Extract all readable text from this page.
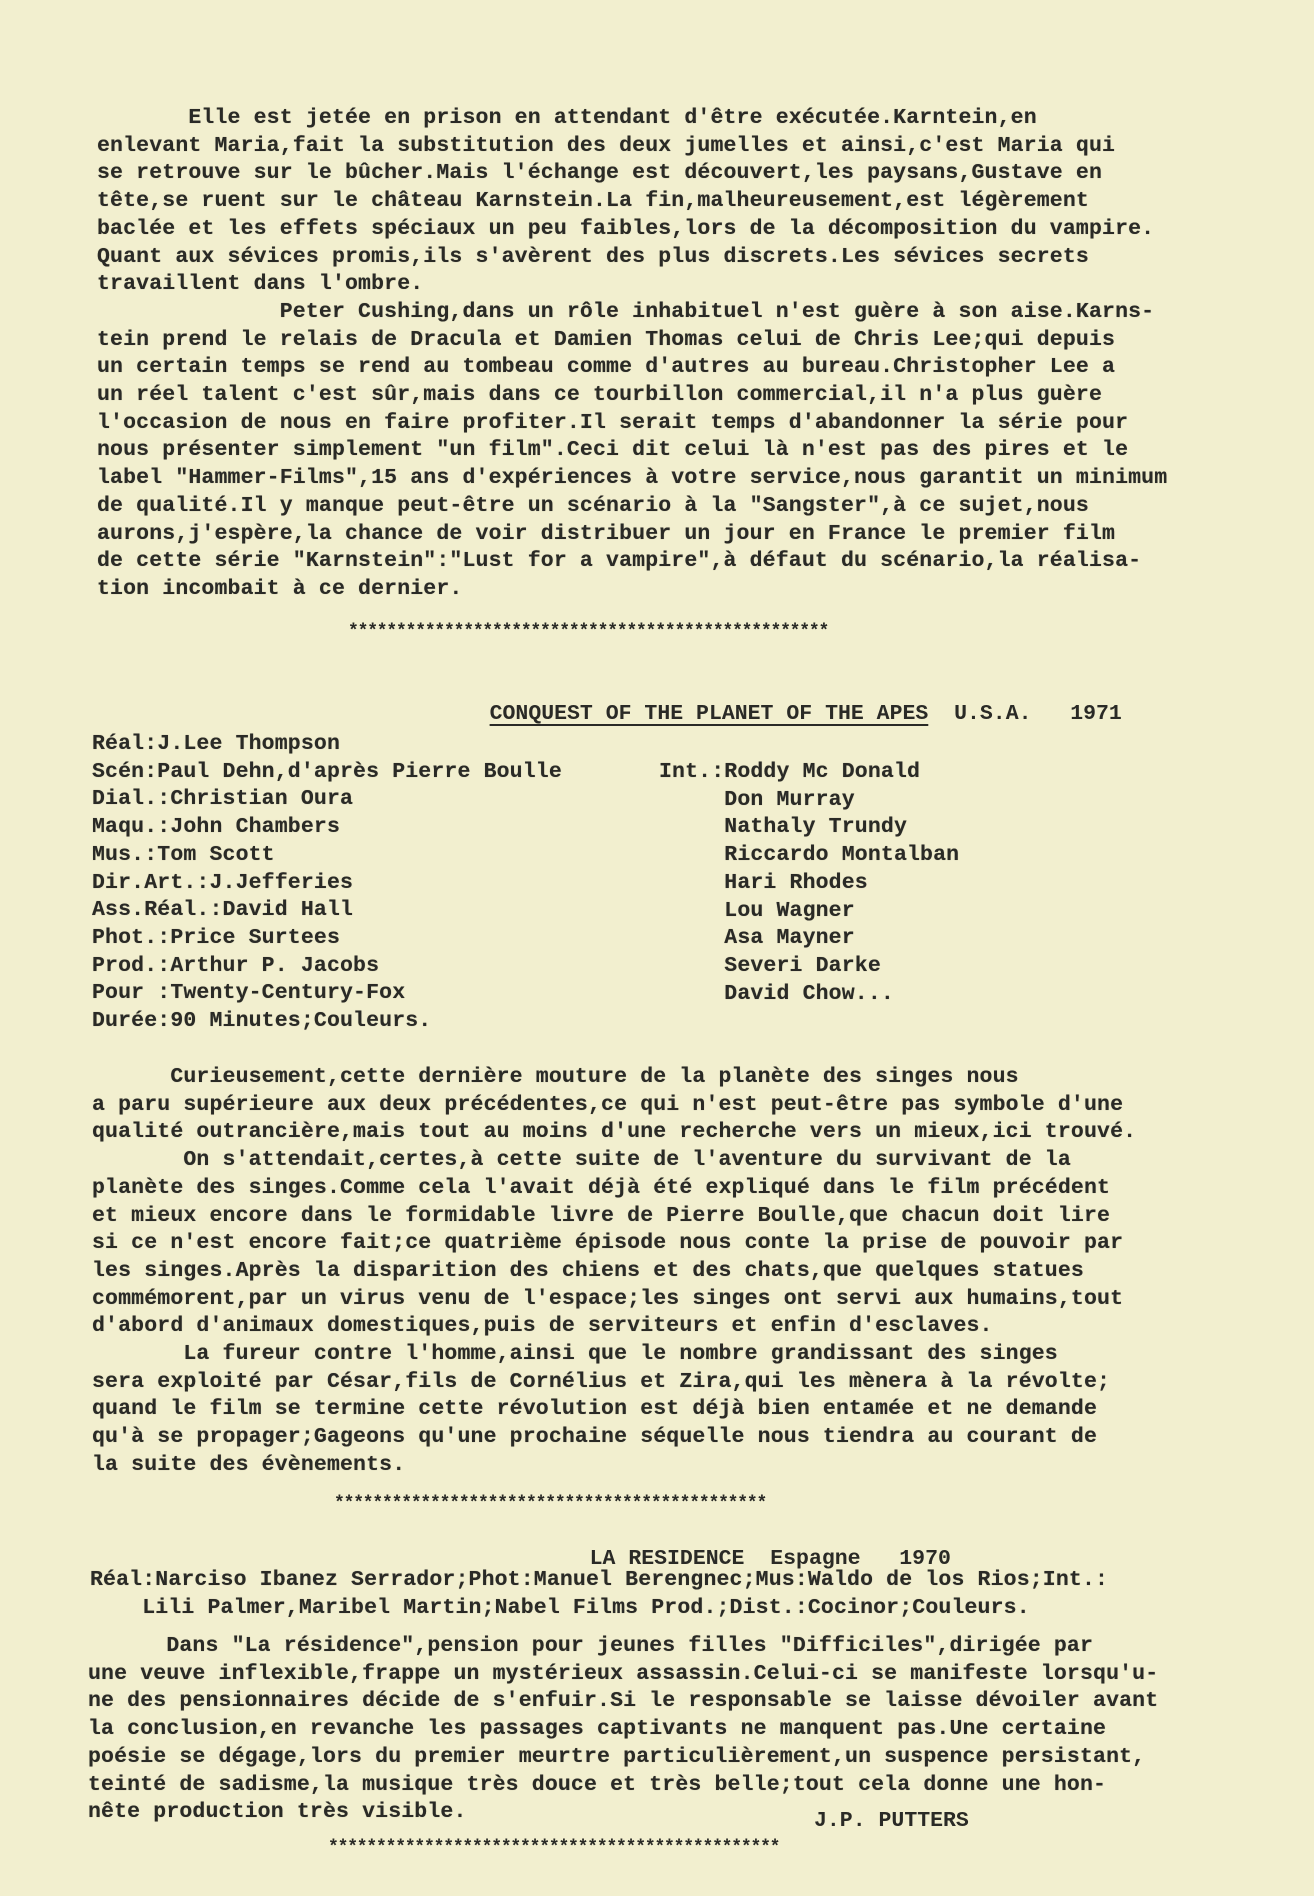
Elle est jetée en prison en attendant d'être exécutée.Karntein,en
enlevant Maria,fait la substitution des deux jumelles et ainsi,c'est Maria qui
se retrouve sur le bûcher.Mais l'échange est découvert,les paysans,Gustave en
tête,se ruent sur le château Karnstein.La fin,malheureusement,est légèrement
baclée et les effets spéciaux un peu faibles,lors de la décomposition du vampire.
Quant aux sévices promis,ils s'avèrent des plus discrets.Les sévices secrets
travaillent dans l'ombre.
Peter Cushing,dans un rôle inhabituel n'est guère à son aise.Karns-
tein prend le relais de Dracula et Damien Thomas celui de Chris Lee;qui depuis
un certain temps se rend au tombeau comme d'autres au bureau.Christopher Lee a
un réel talent c'est sûr,mais dans ce tourbillon commercial,il n'a plus guère
l'occasion de nous en faire profiter.Il serait temps d'abandonner la série pour
nous présenter simplement "un film".Ceci dit celui là n'est pas des pires et le
label "Hammer-Films",15 ans d'expériences à votre service,nous garantit un minimum
de qualité.Il y manque peut-être un scénario à la "Sangster",à ce sujet,nous
aurons,j'espère,la chance de voir distribuer un jour en France le premier film
de cette série "Karnstein":"Lust for a vampire",à défaut du scénario,la réalisa-
tion incombait à ce dernier.
**************************************************

CONQUEST OF THE PLANET OF THE APES U.S.A.   1971

Réal:J.Lee Thompson
Scén:Paul Dehn,d'après Pierre Boulle
Dial.:Christian Oura
Maqu.:John Chambers
Mus.:Tom Scott
Dir.Art.:J.Jefferies
Ass.Réal.:David Hall
Phot.:Price Surtees
Prod.:Arthur P. Jacobs
Pour :Twenty-Century-Fox
Durée:90 Minutes;Couleurs.
Int.: Roddy Mc Donald
Don Murray
Nathaly Trundy
Riccardo Montalban
Hari Rhodes
Lou Wagner
Asa Mayner
Severi Darke
David Chow...
Curieusement,cette dernière mouture de la planète des singes nous
a paru supérieure aux deux précédentes,ce qui n'est peut-être pas symbole d'une
qualité outrancière,mais tout au moins d'une recherche vers un mieux,ici trouvé.
On s'attendait,certes,à cette suite de l'aventure du survivant de la
planète des singes.Comme cela l'avait déjà été expliqué dans le film précédent
et mieux encore dans le formidable livre de Pierre Boulle,que chacun doit lire
si ce n'est encore fait;ce quatrième épisode nous conte la prise de pouvoir par
les singes.Après la disparition des chiens et des chats,que quelques statues
commémorent,par un virus venu de l'espace;les singes ont servi aux humains,tout
d'abord d'animaux domestiques,puis de serviteurs et enfin d'esclaves.
La fureur contre l'homme,ainsi que le nombre grandissant des singes
sera exploité par César,fils de Cornélius et Zira,qui les mènera à la révolte;
quand le film se termine cette révolution est déjà bien entamée et ne demande
qu'à se propager;Gageons qu'une prochaine séquelle nous tiendra au courant de
la suite des évènements.
*********************************************

LA RESIDENCE Espagne   1970

Réal:Narciso Ibanez Serrador;Phot:Manuel Berengnec;Mus:Waldo de los Rios;Int.:
Lili Palmer,Maribel Martin;Nabel Films Prod.;Dist.:Cocinor;Couleurs.
Dans "La résidence",pension pour jeunes filles "Difficiles",dirigée par
une veuve inflexible,frappe un mystérieux assassin.Celui-ci se manifeste lorsqu'u-
ne des pensionnaires décide de s'enfuir.Si le responsable se laisse dévoiler avant
la conclusion,en revanche les passages captivants ne manquent pas.Une certaine
poésie se dégage,lors du premier meurtre particulièrement,un suspence persistant,
teinté de sadisme,la musique très douce et très belle;tout cela donne une hon-
nête production très visible.	J.P. PUTTERS
***********************************************
